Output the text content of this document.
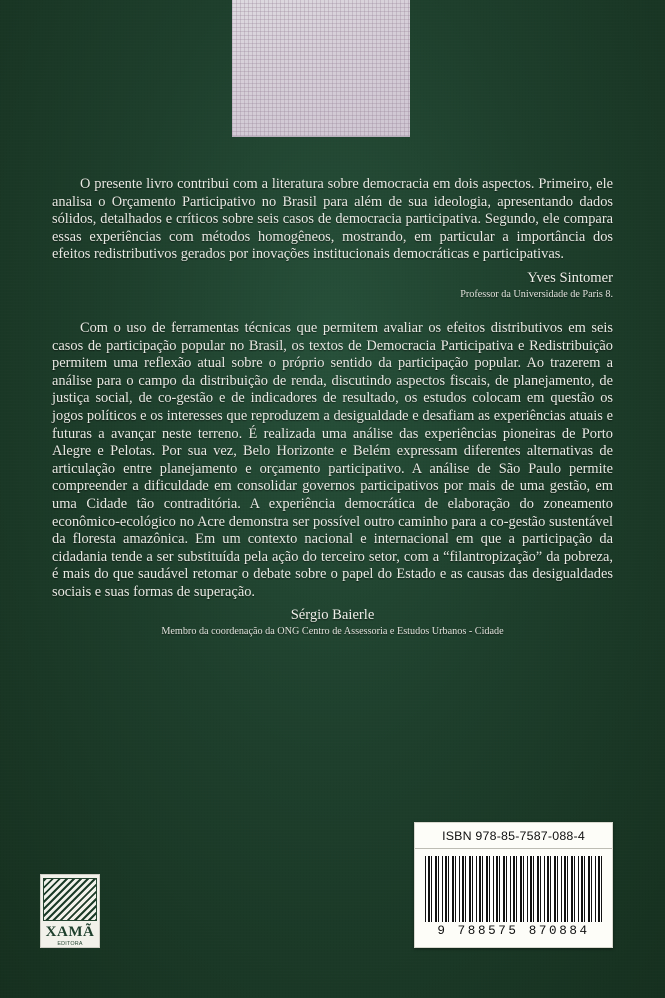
O presente livro contribui com a literatura sobre democracia em dois aspectos. Primeiro, ele analisa o Orçamento Participativo no Brasil para além de sua ideologia, apresentando dados sólidos, detalhados e críticos sobre seis casos de democracia participativa. Segundo, ele compara essas experiências com métodos homogêneos, mostrando, em particular a importância dos efeitos redistributivos gerados por inovações institucionais democráticas e participativas.

Yves Sintomer
Professor da Universidade de Paris 8.

Com o uso de ferramentas técnicas que permitem avaliar os efeitos distributivos em seis casos de participação popular no Brasil, os textos de Democracia Participativa e Redistribuição permitem uma reflexão atual sobre o próprio sentido da participação popular. Ao trazerem a análise para o campo da distribuição de renda, discutindo aspectos fiscais, de planejamento, de justiça social, de co-gestão e de indicadores de resultado, os estudos colocam em questão os jogos políticos e os interesses que reproduzem a desigualdade e desafiam as experiências atuais e futuras a avançar neste terreno. É realizada uma análise das experiências pioneiras de Porto Alegre e Pelotas. Por sua vez, Belo Horizonte e Belém expressam diferentes alternativas de articulação entre planejamento e orçamento participativo. A análise de São Paulo permite compreender a dificuldade em consolidar governos participativos por mais de uma gestão, em uma Cidade tão contraditória. A experiência democrática de elaboração do zoneamento econômico-ecológico no Acre demonstra ser possível outro caminho para a co-gestão sustentável da floresta amazônica. Em um contexto nacional e internacional em que a participação da cidadania tende a ser substituída pela ação do terceiro setor, com a “filantropização” da pobreza, é mais do que saudável retomar o debate sobre o papel do Estado e as causas das desigualdades sociais e suas formas de superação.

Sérgio Baierle
Membro da coordenação da ONG Centro de Assessoria e Estudos Urbanos - Cidade
ISBN 978-85-7587-088-4
9 788575 870884
XAMÃ
EDITORA
